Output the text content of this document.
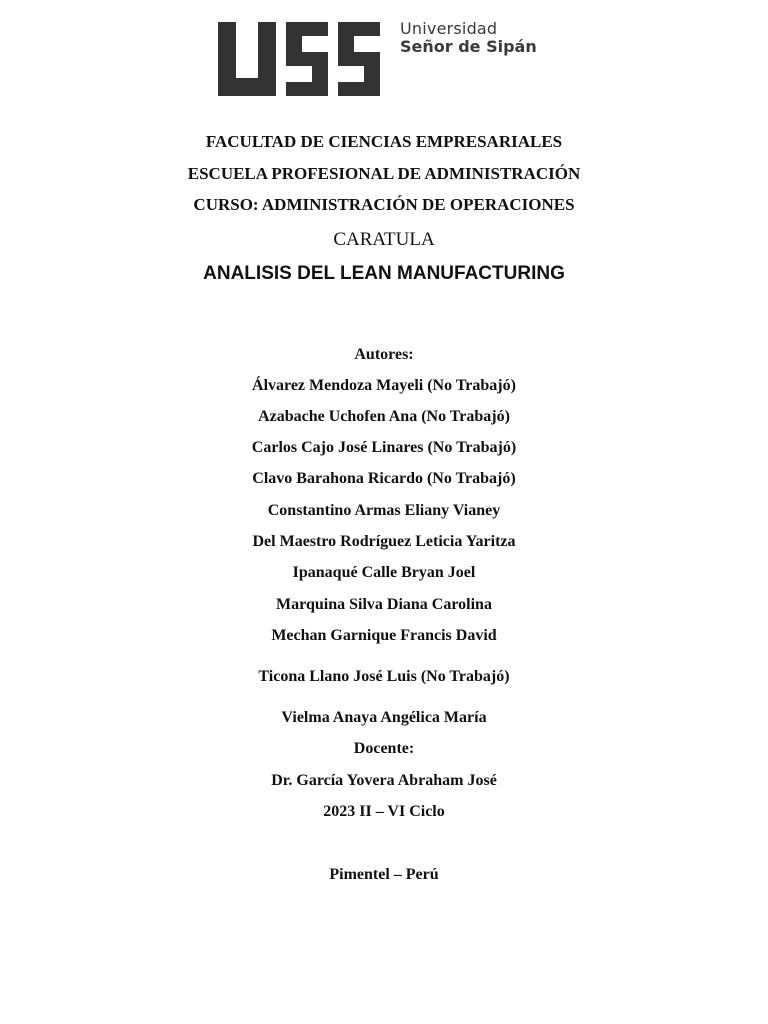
Universidad
Señor de Sipán
FACULTAD DE CIENCIAS EMPRESARIALES
ESCUELA PROFESIONAL DE ADMINISTRACIÓN
CURSO: ADMINISTRACIÓN DE OPERACIONES
CARATULA
ANALISIS DEL LEAN MANUFACTURING
Autores:
Álvarez Mendoza Mayeli (No Trabajó)
Azabache Uchofen Ana (No Trabajó)
Carlos Cajo José Linares (No Trabajó)
Clavo Barahona Ricardo (No Trabajó)
Constantino Armas Eliany Vianey
Del Maestro Rodríguez Leticia Yaritza
Ipanaqué Calle Bryan Joel
Marquina Silva Diana Carolina
Mechan Garnique Francis David
Ticona Llano José Luis (No Trabajó)
Vielma Anaya Angélica María
Docente:
Dr. García Yovera Abraham José
2023 II – VI Ciclo
Pimentel – Perú
